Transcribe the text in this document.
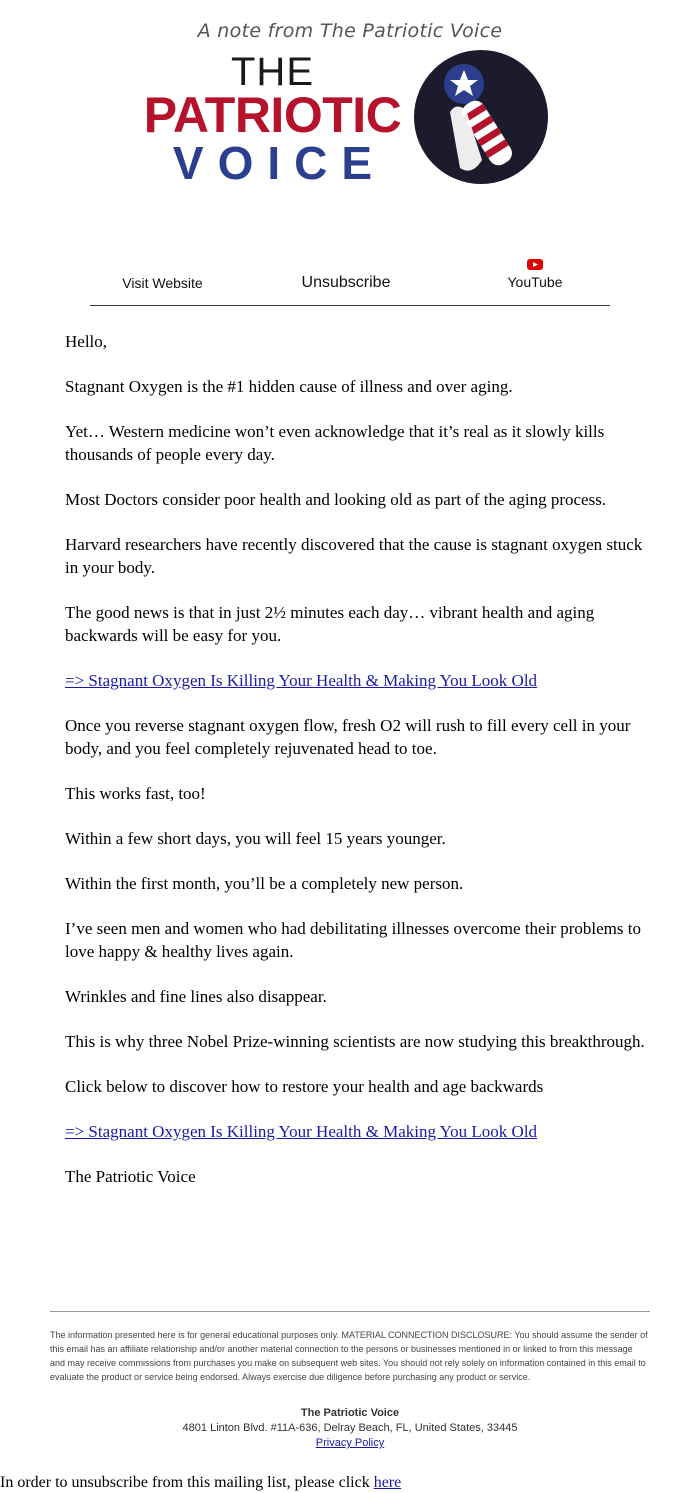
A note from The Patriotic Voice
THE
PATRIOTIC
VOICE
Visit Website	Unsubscribe	YouTube

Hello,

Stagnant Oxygen is the #1 hidden cause of illness and over aging.

Yet… Western medicine won’t even acknowledge that it’s real as it slowly kills thousands of people every day.

Most Doctors consider poor health and looking old as part of the aging process.

Harvard researchers have recently discovered that the cause is stagnant oxygen stuck in your body.

The good news is that in just 2½ minutes each day… vibrant health and aging backwards will be easy for you.

=> Stagnant Oxygen Is Killing Your Health & Making You Look Old

Once you reverse stagnant oxygen flow, fresh O2 will rush to fill every cell in your body, and you feel completely rejuvenated head to toe.

This works fast, too!

Within a few short days, you will feel 15 years younger.

Within the first month, you’ll be a completely new person.

I’ve seen men and women who had debilitating illnesses overcome their problems to love happy & healthy lives again.

Wrinkles and fine lines also disappear.

This is why three Nobel Prize-winning scientists are now studying this breakthrough.

Click below to discover how to restore your health and age backwards

=> Stagnant Oxygen Is Killing Your Health & Making You Look Old

The Patriotic Voice

The information presented here is for general educational purposes only. MATERIAL CONNECTION DISCLOSURE: You should assume the sender of this email has an affiliate relationship and/or another material connection to the persons or businesses mentioned in or linked to from this message and may receive commissions from purchases you make on subsequent web sites. You should not rely solely on information contained in this email to evaluate the product or service being endorsed. Always exercise due diligence before purchasing any product or service.
The Patriotic Voice
4801 Linton Blvd. #11A-636, Delray Beach, FL, United States, 33445
Privacy Policy
In order to unsubscribe from this mailing list, please click here
